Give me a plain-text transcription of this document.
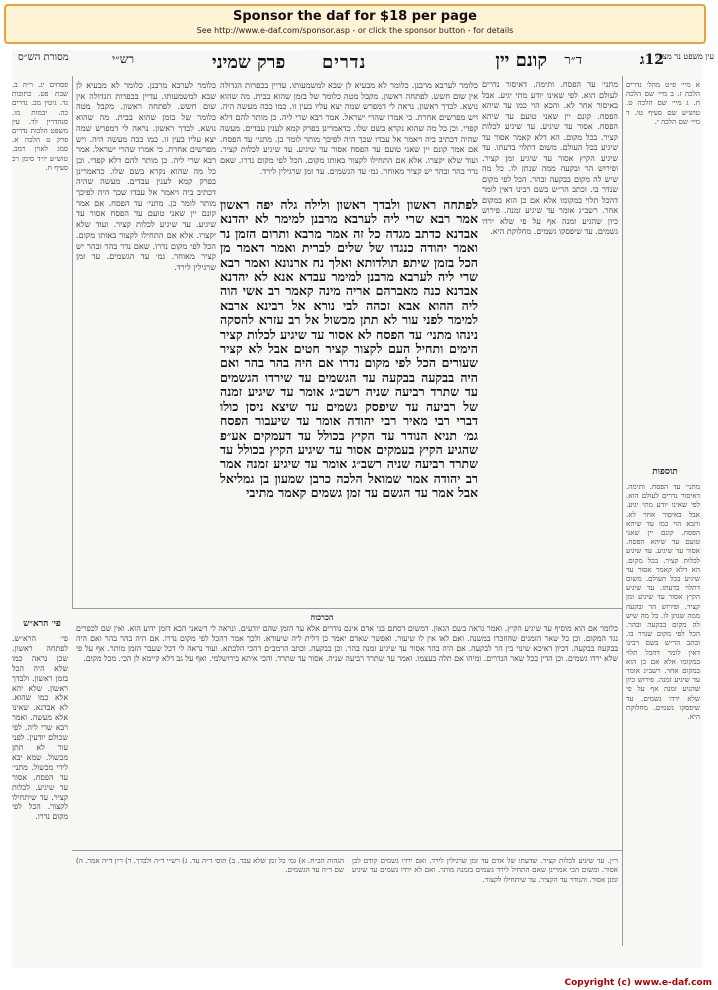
Sponsor the daf for $18 per page
See http://www.e-daf.com/sponsor.asp - or click the sponsor button - for details
עין משפט נר מצוה
12ג
ד״ר
נדרים
פרק שמיני	קונם יין
רש״י
מסורת הש״ס

א מיי׳ פ״ט מהל׳ נדרים הלכה ז. ב מיי׳ שם הלכה ח. ג מיי׳ שם הלכה ט. טוש״ע שם סעיף טו. ד מיי׳ שם הלכה י.

תוספות

מתני׳ עד הפסח. ותימה. דאיסור נדרים לעולם הוא. לפי שאינו יודע מתי יגיע. אבל באיסור אחר לא. והכא הוי כמו עד שיהא הפסח. קונם יין שאני טועם עד שיהא הפסח. אסור עד שיגיע. עד שיגיע לכלות קציר. בכל מקום. הא דלא קאמר אסור עד שיגיע בכל העולם. משום דתלוי בדעתו. עד שיגיע הקיץ אסור עד שיגיע זמן קציר. ופירוש הר ובקעה ממה שנתן לו. כל מה שיש לה מקום בבקעה ובהר. הכל לפי מקום שנדר בו. וכתב הר״ש בשם רבינו דאין לומר דהכל תלוי במקומו אלא אם כן הוא במקום אחר. רשב״ג אומר עד שיגיע זמנה. פירוש כיון שהגיע זמנה אף על פי שלא ירדו גשמים. עד שיפסקו גשמים. מחלוקת היא.

מתני׳ עד הפסח. ותימה. דאיסור נדרים לעולם הוא. לפי שאינו יודע מתי יגיע. אבל באיסור אחר לא. והכא הוי כמו עד שיהא הפסח. קונם יין שאני טועם עד שיהא הפסח. אסור עד שיגיע. עד שיגיע לכלות קציר. בכל מקום. הא דלא קאמר אסור עד שיגיע בכל העולם. משום דתלוי בדעתו. עד שיגיע הקיץ אסור עד שיגיע זמן קציר. ופירוש הר ובקעה ממה שנתן לו. כל מה שיש לה מקום בבקעה ובהר. הכל לפי מקום שנדר בו. וכתב הר״ש בשם רבינו דאין לומר דהכל תלוי במקומו אלא אם כן הוא במקום אחר. רשב״ג אומר עד שיגיע זמנה. פירוש כיון שהגיע זמנה אף על פי שלא ירדו גשמים. עד שיפסקו גשמים. מחלוקת היא.

לפתחה ראשון ולבדך ראשון ולילה גלה יפה ראשון אמר רבא שרי ליה לערבא מרבנן למימר לא יהדנא אבדנא כדתב מגדה כל זה אמר מרבא ותרום הזמן נר ואמר יהודה כנגדו של שלים לברית ואמר דאמר מן הכל בזמן שיתפ תולדותא ואלך נח ארנונא ואמר רבא שרי ליה לערבא מרבנן למימר עבדא אנא לא יהדנא אבדנא כנה מאברהם אריה מינה קאמר רב אשי הוה ליה ההוא אבא זכהה לבי נורא אל רבינא ארבא למימר לפני עור לא תתן מכשול אל רב עזרא להסקה נינהו מתני׳ עד הפסח לא אסור עד שיגיע לכלות קציר הימים ותחיל העם לקצור קציר חטים אבל לא קציר שעורים הכל לפי מקום נדרו אם היה בהר בהר ואם היה בבקעה בבקעה עד הגשמים עד שירדו הגשמים עד שתרד רביעה שניה רשב״ג אומר עד שיגיע זמנה של רביעה עד שיפסק גשמים עד שיצא ניסן כולו דברי רבי מאיר רבי יהודה אומר עד שיעבור הפסח גמ׳ תניא הנודר עד הקיץ בכולל עד דעמקים אע״פ שהגיע הקיץ בעמקים אסור עד שיגיע הקיץ בכולל עד שתרד רביעה שניה רשב״ג אומר עד שיגיע זמנה אמר רב יהודה אמר שמואל הלכה כרבן שמעון בן גמליאל אבל אמר עד הגשם עד זמן גשמים קאמר מתיבי

כלומר לערבא מרבנן. כלומר לא מבעיא לן שבא למשמעותו. עדיין בכפרות הגדולה אין שום חשש. לפתחה ראשון. מקבל מטה כלומר של בזמן שהוא בבית. מה שהוא נושא. לבדך ראשון. נראה לי דמפרש שמה יצא עליו בעין זו. כמו ככה מעשה היה. ויש מפרשים אחרת. כי אמרו שהרי ישראל. אמר רבא שרי ליה. כן מותר להם דלא קפדי. וכן כל מה שהוא נקרא בשם שלו. כדאמרינן בפרק קמא לענין עבדים. מעשה שהיה דכתיב ביה ויאמר אל עבדו שכך היה לפיכך מותר לומר כן. מתני׳ עד הפסח. אם אמר קונם יין שאני טועם עד הפסח אסור עד שיגיע. עד שיגיע לכלות קציר. ועוד שלא יקצרו. אלא אם התחילו לקצור באותו מקום. הכל לפי מקום נדרו. שאם נדר בהר ובהר יש קציר מאוחר. גמ׳ עד הגשמים. עד זמן שרגילין לירד.

כלומר לערבא מרבנן. כלומר לא מבעיא לן שבא למשמעותו. עדיין בכפרות הגדולה אין שום חשש. לפתחה ראשון. מקבל מטה כלומר של בזמן שהוא בבית. מה שהוא נושא. לבדך ראשון. נראה לי דמפרש שמה יצא עליו בעין זו. כמו ככה מעשה היה. ויש מפרשים אחרת. כי אמרו שהרי ישראל. אמר רבא שרי ליה. כן מותר להם דלא קפדי. וכן כל מה שהוא נקרא בשם שלו. כדאמרינן בפרק קמא לענין עבדים. מעשה שהיה דכתיב ביה ויאמר אל עבדו שכך היה לפיכך מותר לומר כן. מתני׳ עד הפסח. אם אמר קונם יין שאני טועם עד הפסח אסור עד שיגיע. עד שיגיע לכלות קציר. ועוד שלא יקצרו. אלא אם התחילו לקצור באותו מקום. הכל לפי מקום נדרו. שאם נדר בהר ובהר יש קציר מאוחר. גמ׳ עד הגשמים. עד זמן שרגילין לירד.

פסחים יג. ר״ה ב. שבת פט. כתובות נד. גיטין מב. נדרים כה. יבמות מו. סנהדרין לד. עין משפט הלכות נדרים פרק ט הלכה א. סמג לאוין רמב. טוש״ע יו״ד סימן רכ סעיף ח.

פי׳ הרא״ש
הכרכוה

פי׳ הרא״ש. לפתחה ראשון. שכן נראה כמו שלא היה הכל בזמן ראשון. ולבדך ראשון. שלא יהא אלא כמו שהוא. לא אבדנא. שאינו אלא מעשה. ואמר רבא שרי ליה. לפי שכולם יודעין. לפני עור לא תתן מכשול. שמא יבא לידי מכשול. מתני׳ עד הפסח. אסור עד שיגיע. לכלות קציר. עד שיתחילו לקצור. הכל לפי מקום נדרו.

כלומר אם הוא מוסיף עד שיגיע הקיץ. ואמר נראה בשם הגאון. דמשום דסתם בני אדם אינם נודרים אלא עד הזמן שהם יודעים. ונראה לי דשאני הכא דזמן ידוע הוא. ואין שם לכפרים נגד המקום. וכן כל שאר הזמנים שהוזכרו במשנה. ואם לאו אין לו שיעור. ואפשר שאדם יאמר כן דלית ליה שיעורא. ולכך אמר דהכל לפי מקום נדרו. אם היה בהר בהר ואם היה בבקעה בבקעה. דכיון דאיכא שינוי בין הר לבקעה. אם היה בהר אסור עד שיגיע זמנה בהר. וכן בבקעה. וכתב הרמב״ם דהכי הלכתא. ועוד נראה לי דכל שעבר הזמן מותר. אף על פי שלא ירדו גשמים. וכן הדין בכל שאר הנדרים. ומיהו אם תלה בעצמו. ואמר עד שתרד רביעה שניה. אסור עד שתרד. והכי איתא בירושלמי. ואף על גב דלא קיימא לן הכי. מכל מקום.

ר״ן. עד שיגיע לכלות קציר. שדעתו של אדם עד זמן שרגילין לירד. ואם ירדו גשמים קודם לכן אסור. ומשום הכי אמרינן שאם התחיל לירד גשמים בזמנה מותר. ואם לא ירדו גשמים עד שיגיע זמנן אסור. והנודר עד הקציר. עד שיתחילו לקצור.

הגהות הב״ח. א) גמ׳ כל זמן שלא עבר. ב) תוס׳ ד״ה עד. ג) רש״י ד״ה ולבדך. ד) ר״ן ד״ה אמר. ה) שם ד״ה עד הגשמים.

Copyright (c) www.e-daf.com
